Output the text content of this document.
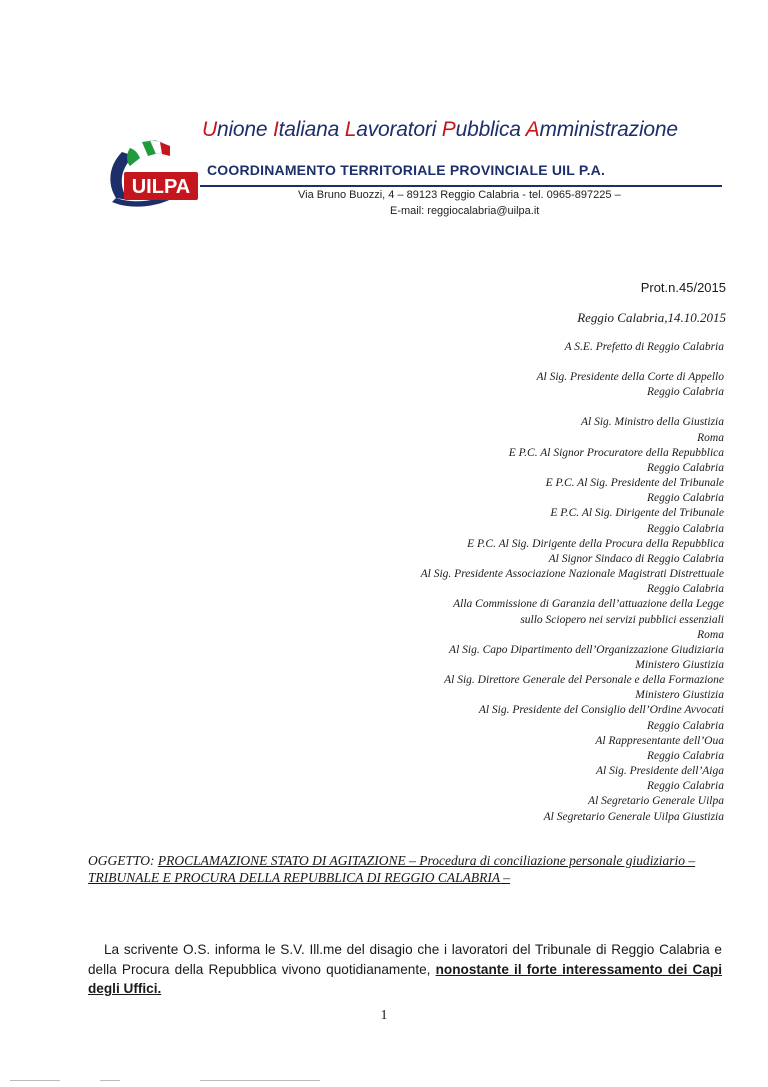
UILPA
Unione Italiana Lavoratori Pubblica Amministrazione
COORDINAMENTO TERRITORIALE PROVINCIALE UIL P.A.
Via Bruno Buozzi, 4 – 89123 Reggio Calabria - tel. 0965-897225 –
E-mail: reggiocalabria@uilpa.it
Prot.n.45/2015
Reggio Calabria,14.10.2015
A S.E. Prefetto di Reggio Calabria
Al Sig. Presidente della Corte di Appello
Reggio Calabria
Al Sig. Ministro della Giustizia
Roma
E P.C. Al Signor Procuratore della Repubblica
Reggio Calabria
E P.C. Al Sig. Presidente del Tribunale
Reggio Calabria
E P.C. Al Sig. Dirigente del Tribunale
Reggio Calabria
E P.C. Al Sig. Dirigente della Procura della Repubblica
Al Signor Sindaco di Reggio Calabria
Al Sig. Presidente Associazione Nazionale Magistrati Distrettuale
Reggio Calabria
Alla Commissione di Garanzia dell’attuazione della Legge
sullo Sciopero nei servizi pubblici essenziali
Roma
Al Sig. Capo Dipartimento dell’Organizzazione Giudiziaria
Ministero Giustizia
Al Sig. Direttore Generale del Personale e della Formazione
Ministero Giustizia
Al Sig. Presidente del Consiglio dell’Ordine Avvocati
Reggio Calabria
Al Rappresentante dell’Oua
Reggio Calabria
Al Sig. Presidente dell’Aiga
Reggio Calabria
Al Segretario Generale Uilpa
Al Segretario Generale Uilpa Giustizia
OGGETTO: PROCLAMAZIONE STATO DI AGITAZIONE – Procedura di conciliazione personale giudiziario – TRIBUNALE E PROCURA DELLA REPUBBLICA DI REGGIO CALABRIA –
La scrivente O.S. informa le S.V. Ill.me del disagio che i lavoratori del Tribunale di Reggio Calabria e della Procura della Repubblica vivono quotidianamente, nonostante il forte interessamento dei Capi degli Uffici.
1
